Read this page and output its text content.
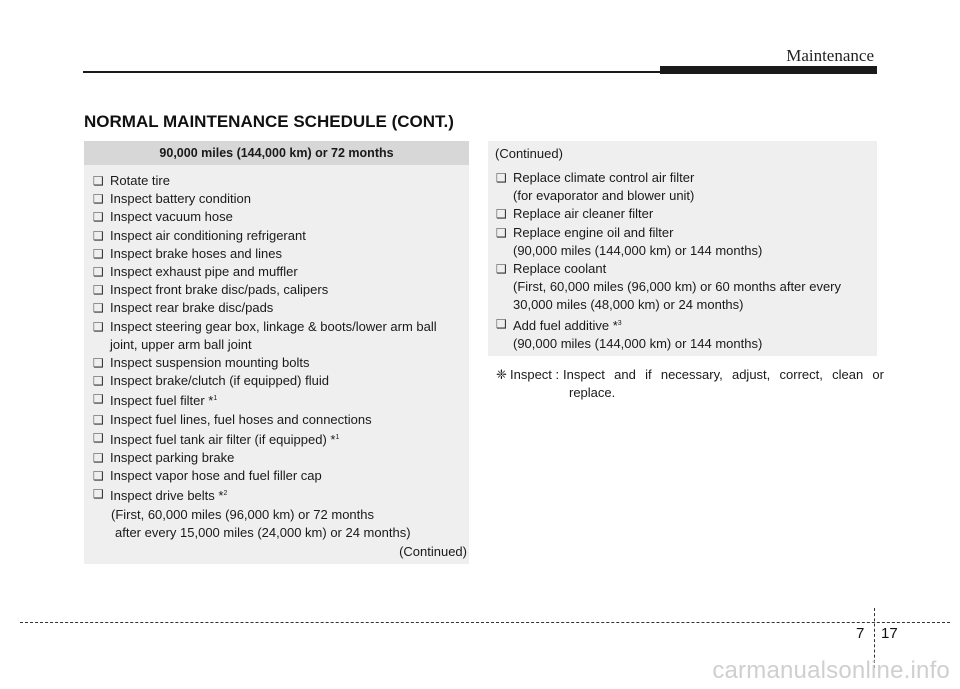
Maintenance
NORMAL MAINTENANCE SCHEDULE (CONT.)
90,000 miles (144,000 km) or 72 months
❑ Rotate tire
❑ Inspect battery condition
❑ Inspect vacuum hose
❑ Inspect air conditioning refrigerant
❑ Inspect brake hoses and lines
❑ Inspect exhaust pipe and muffler
❑ Inspect front brake disc/pads, calipers
❑ Inspect rear brake disc/pads
❑ Inspect steering gear box, linkage & boots/lower arm ball
joint, upper arm ball joint
❑ Inspect suspension mounting bolts
❑ Inspect brake/clutch (if equipped) fluid
❑ Inspect fuel filter *$^1$
❑ Inspect fuel lines, fuel hoses and connections
❑ Inspect fuel tank air filter (if equipped) *$^1$
❑ Inspect parking brake
❑ Inspect vapor hose and fuel filler cap
❑ Inspect drive belts *$^2$
(First, 60,000 miles (96,000 km) or 72 months
after every 15,000 miles (24,000 km) or 24 months)
(Continued)
(Continued)
❑ Replace climate control air filter
(for evaporator and blower unit)
❑ Replace air cleaner filter
❑ Replace engine oil and filter
(90,000 miles (144,000 km) or 144 months)
❑ Replace coolant
(First, 60,000 miles (96,000 km) or 60 months after every
30,000 miles (48,000 km) or 24 months)
❑ Add fuel additive *$^3$
(90,000 miles (144,000 km) or 144 months)
❈ Inspect : Inspect and if necessary, adjust, correct, clean or replace.
7 17
carmanualsonline.info
